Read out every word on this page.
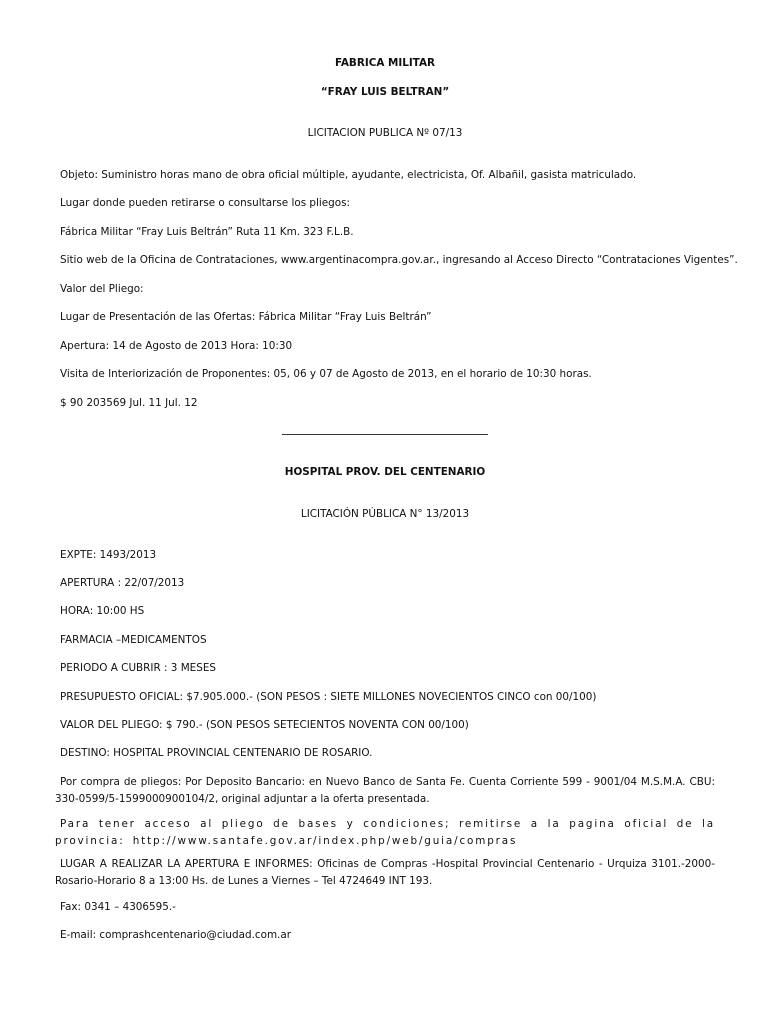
FABRICA MILITAR
“FRAY LUIS BELTRAN”
LICITACION PUBLICA Nº 07/13
Objeto: Suministro horas mano de obra oficial múltiple, ayudante, electricista, Of. Albañil, gasista matriculado.
Lugar donde pueden retirarse o consultarse los pliegos:
Fábrica Militar “Fray Luis Beltrán” Ruta 11 Km. 323 F.L.B.
Sitio web de la Oficina de Contrataciones, www.argentinacompra.gov.ar., ingresando al Acceso Directo “Contrataciones Vigentes”.
Valor del Pliego:
Lugar de Presentación de las Ofertas: Fábrica Militar “Fray Luis Beltrán”
Apertura: 14 de Agosto de 2013 Hora: 10:30
Visita de Interiorización de Proponentes: 05, 06 y 07 de Agosto de 2013, en el horario de 10:30 horas.
$ 90 203569 Jul. 11 Jul. 12
HOSPITAL PROV. DEL CENTENARIO
LICITACIÓN PÚBLICA N° 13/2013
EXPTE: 1493/2013
APERTURA : 22/07/2013
HORA: 10:00 HS
FARMACIA –MEDICAMENTOS
PERIODO A CUBRIR : 3 MESES
PRESUPUESTO OFICIAL: $7.905.000.- (SON PESOS : SIETE MILLONES NOVECIENTOS CINCO con 00/100)
VALOR DEL PLIEGO: $ 790.- (SON PESOS SETECIENTOS NOVENTA CON 00/100)
DESTINO: HOSPITAL PROVINCIAL CENTENARIO DE ROSARIO.
Por compra de pliegos: Por Deposito Bancario: en Nuevo Banco de Santa Fe. Cuenta Corriente 599 - 9001/04 M.S.M.A. CBU: 330-0599/5-1599000900104/2, original adjuntar a la oferta presentada.
Para tener acceso al pliego de bases y condiciones; remitirse a la pagina oficial de la provincia: http://www.santafe.gov.ar/index.php/web/guia/compras
LUGAR A REALIZAR LA APERTURA E INFORMES: Oficinas de Compras -Hospital Provincial Centenario - Urquiza 3101.-2000-Rosario-Horario 8 a 13:00 Hs. de Lunes a Viernes – Tel 4724649 INT 193.
Fax: 0341 – 4306595.-
E-mail: comprashcentenario@ciudad.com.ar
